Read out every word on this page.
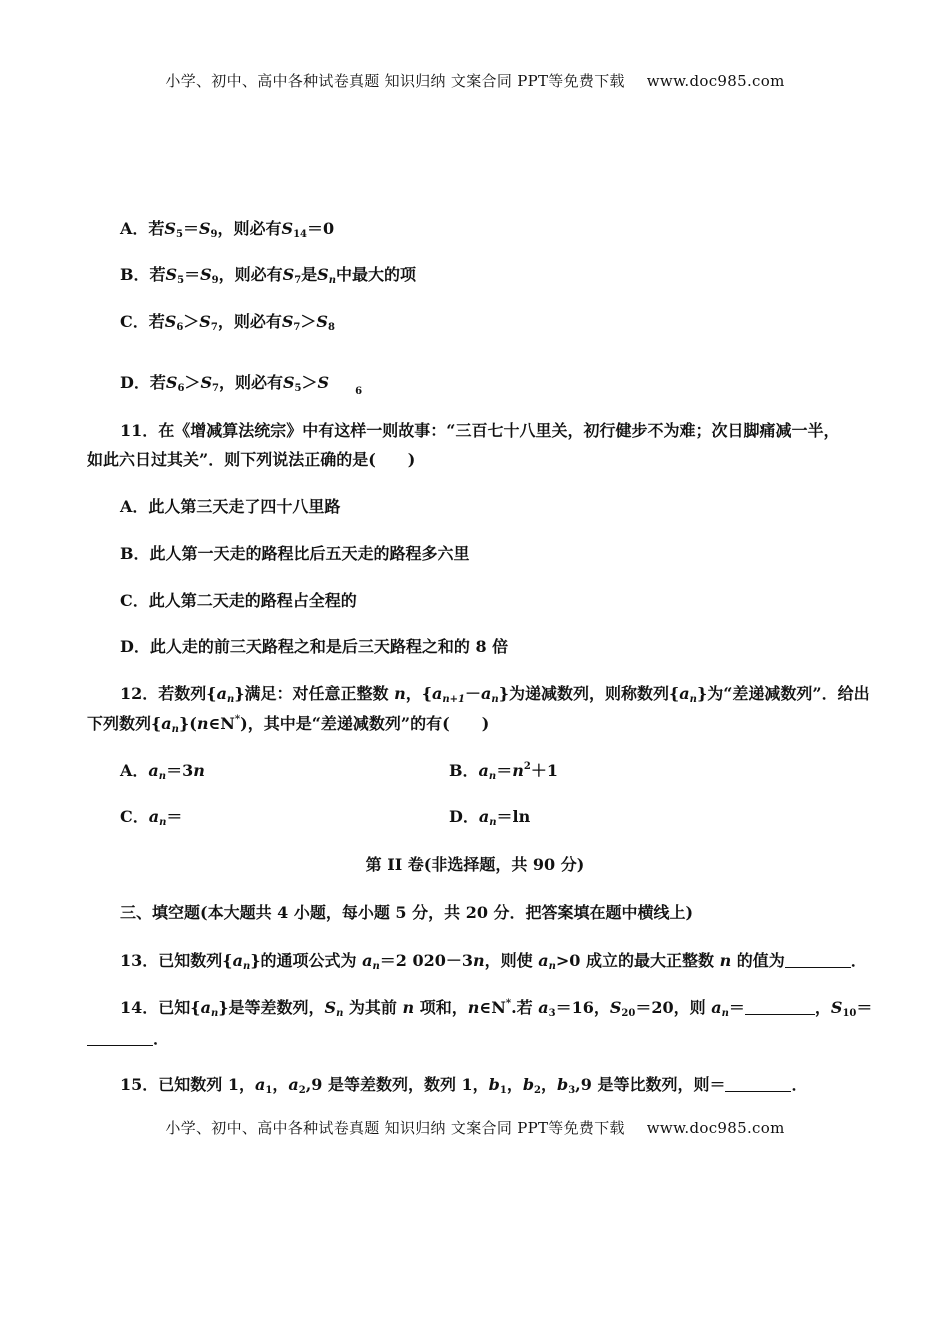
小学、初中、高中各种试卷真题 知识归纳 文案合同 PPT等免费下载 www.doc985.com
A．若$S_5=S_9$，则必有$S_{14}=0$
B．若$S_5=S_9$，则必有$S_7$是$S_n$中最大的项
C．若$S_6>S_7$，则必有$S_7>S_8$
D．若$S_6>S_7$，则必有$S_5>S$	$_6$
11．在《增减算法统宗》中有这样一则故事：“三百七十八里关，初行健步不为难；次日脚痛减一半，
如此六日过其关”．则下列说法正确的是(　　)
A．此人第三天走了四十八里路
B．此人第一天走的路程比后五天走的路程多六里
C．此人第二天走的路程占全程的
D．此人走的前三天路程之和是后三天路程之和的 8 倍
12．若数列$\{a_n\}$满足：对任意正整数 n，$\{a_{n+1}-a_n\}$为递减数列，则称数列$\{a_n\}$为“差递减数列”．给出
下列数列$\{a_n\}(n\in N^*)$，其中是“差递减数列”的有(　　)
A．$a_n=3n$	B．$a_n=n^2+1$
C．$a_n=$	D．$a_n=\ln$
第 II 卷(非选择题，共 90 分)
三、填空题(本大题共 4 小题，每小题 5 分，共 20 分．把答案填在题中横线上)
13．已知数列$\{a_n\}$的通项公式为 $a_n=2$ 020－3n，则使 $a_n>0$ 成立的最大正整数 n 的值为	．
14．已知$\{a_n\}$是等差数列，$S_n$ 为其前 n 项和，n∈N*.若 $a_3=16$，$S_{20}=20$，则 $a_n=$	，$S_{10}=$
．
15．已知数列 1，$a_1$，$a_2,9$ 是等差数列，数列 1，$b_1$，$b_2$，$b_3,9$ 是等比数列，则＝	．
小学、初中、高中各种试卷真题 知识归纳 文案合同 PPT等免费下载 www.doc985.com
